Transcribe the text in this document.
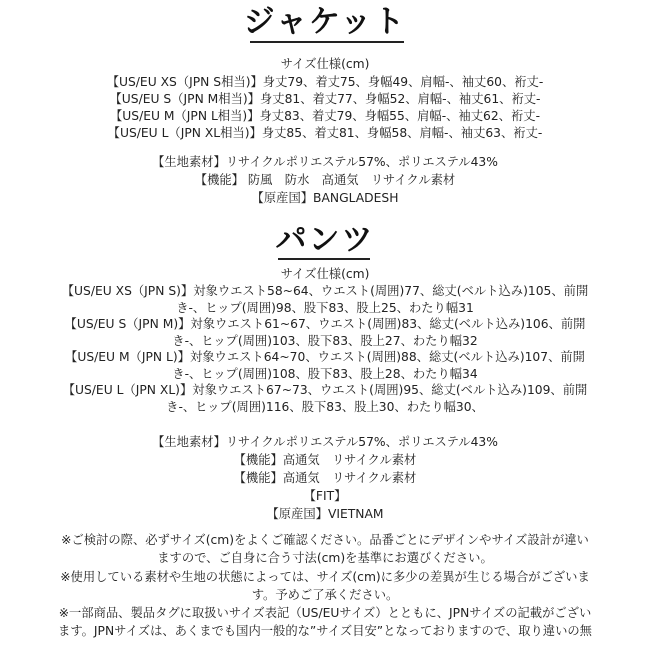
ジャケット
サイズ仕様(cm)
【US/EU XS（JPN S相当)】身丈79、着丈75、身幅49、肩幅-、袖丈60、裄丈-
【US/EU S（JPN M相当)】身丈81、着丈77、身幅52、肩幅-、袖丈61、裄丈-
【US/EU M（JPN L相当)】身丈83、着丈79、身幅55、肩幅-、袖丈62、裄丈-
【US/EU L（JPN XL相当)】身丈85、着丈81、身幅58、肩幅-、袖丈63、裄丈-
【生地素材】リサイクルポリエステル57%、ポリエステル43%
【機能】 防風　防水　高通気　リサイクル素材
【原産国】BANGLADESH
パンツ
サイズ仕様(cm)
【US/EU XS（JPN S)】対象ウエスト58~64、ウエスト(周囲)77、総丈(ベルト込み)105、前開
き-、ヒップ(周囲)98、股下83、股上25、わたり幅31
【US/EU S（JPN M)】対象ウエスト61~67、ウエスト(周囲)83、総丈(ベルト込み)106、前開
き-、ヒップ(周囲)103、股下83、股上27、わたり幅32
【US/EU M（JPN L)】対象ウエスト64~70、ウエスト(周囲)88、総丈(ベルト込み)107、前開
き-、ヒップ(周囲)108、股下83、股上28、わたり幅34
【US/EU L（JPN XL)】対象ウエスト67~73、ウエスト(周囲)95、総丈(ベルト込み)109、前開
き-、ヒップ(周囲)116、股下83、股上30、わたり幅30、
【生地素材】リサイクルポリエステル57%、ポリエステル43%
【機能】高通気　リサイクル素材
【機能】高通気　リサイクル素材
【FIT】
【原産国】VIETNAM
※ご検討の際、必ずサイズ(cm)をよくご確認ください。品番ごとにデザインやサイズ設計が違い
ますので、ご自身に合う寸法(cm)を基準にお選びください。
※使用している素材や生地の状態によっては、サイズ(cm)に多少の差異が生じる場合がございま
す。予めご了承ください。
※一部商品、製品タグに取扱いサイズ表記（US/EUサイズ）とともに、JPNサイズの記載がござい
ます。JPNサイズは、あくまでも国内一般的な”サイズ目安”となっておりますので、取り違いの無
